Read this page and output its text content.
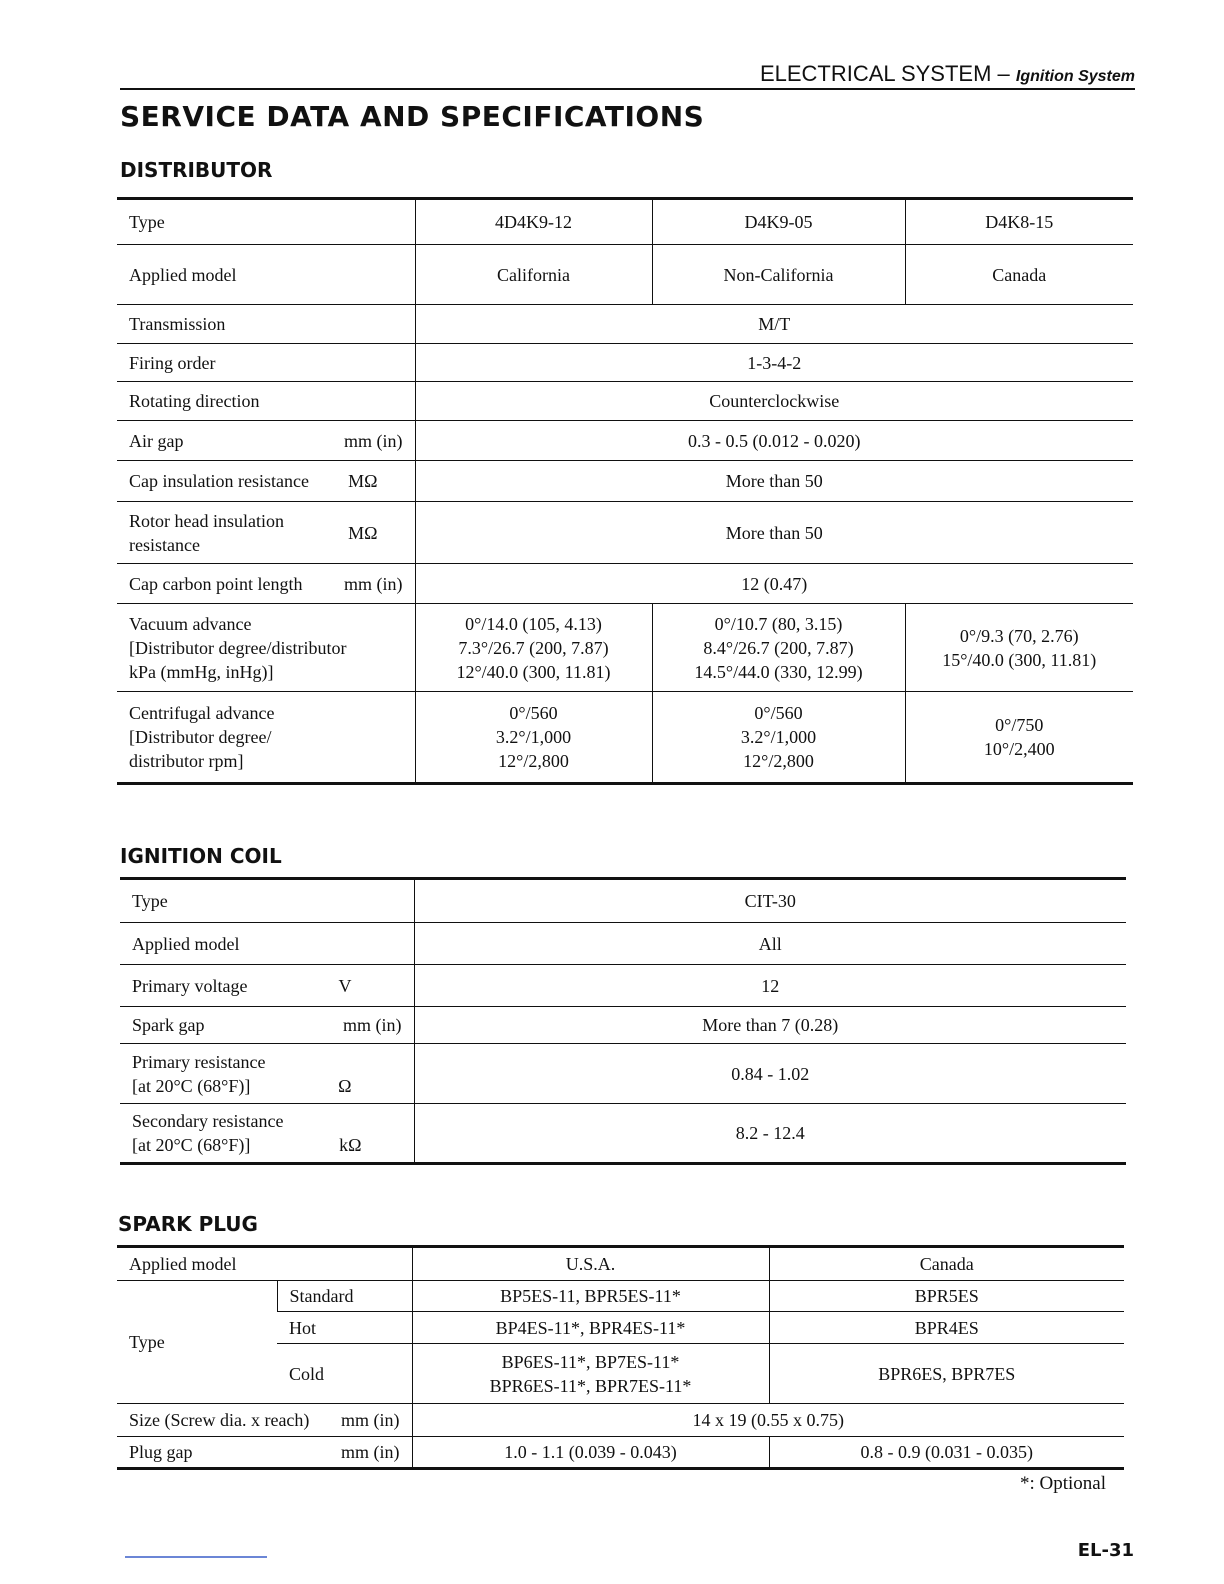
ELECTRICAL SYSTEM – Ignition System
SERVICE DATA AND SPECIFICATIONS
DISTRIBUTOR
Type	4D4K9-12	D4K9-05	D4K8-15
Applied model	California	Non-California	Canada
Transmission	M/T		
Firing order	1-3-4-2		
Rotating direction	Counterclockwise		

Air gap mm (in)	0.3 - 0.5 (0.012 - 0.020)		

Cap insulation resistance MΩ	More than 50		

Rotor head insulation
resistance
MΩ	More than 50		

Cap carbon point length mm (in)	12 (0.47)		
Vacuum advance
[Distributor degree/distributor
kPa (mmHg, inHg)]	0°/14.0 (105, 4.13)
7.3°/26.7 (200, 7.87)
12°/40.0 (300, 11.81)	0°/10.7 (80, 3.15)
8.4°/26.7 (200, 7.87)
14.5°/44.0 (330, 12.99)	0°/9.3 (70, 2.76)
15°/40.0 (300, 11.81)
Centrifugal advance
[Distributor degree/
distributor rpm]	0°/560
3.2°/1,000
12°/2,800	0°/560
3.2°/1,000
12°/2,800	0°/750
10°/2,400
IGNITION COIL
Type	CIT-30
Applied model	All

Primary voltage V	12

Spark gap mm (in)	More than 7 (0.28)

Primary resistance
[at 20°C (68°F)] Ω	0.84 - 1.02

Secondary resistance
[at 20°C (68°F)] kΩ	8.2 - 12.4
SPARK PLUG
Applied model		U.S.A.	Canada
Type	Standard	BP5ES-11, BPR5ES-11*	BPR5ES
	Hot	BP4ES-11*, BPR4ES-11*	BPR4ES
	Cold	BP6ES-11*, BP7ES-11*
BPR6ES-11*, BPR7ES-11*	BPR6ES, BPR7ES

Size (Screw dia. x reach) mm (in)		14 x 19 (0.55 x 0.75)	

Plug gap mm (in)		1.0 - 1.1 (0.039 - 0.043)	0.8 - 0.9 (0.031 - 0.035)
*: Optional
EL-31
